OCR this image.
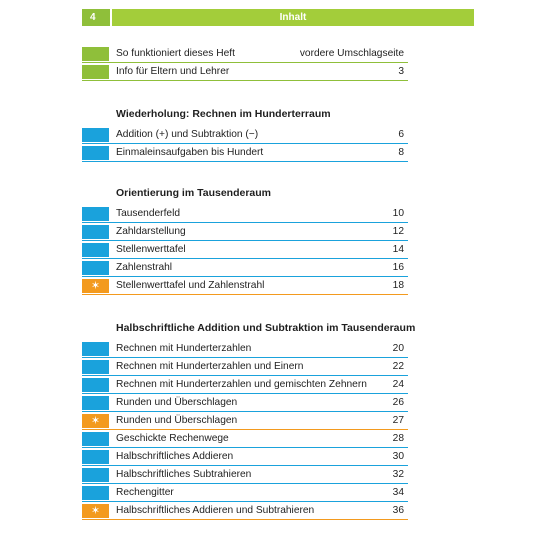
4	Inhalt
So funktioniert dieses Heft	vordere Umschlagseite
Info für Eltern und Lehrer	3
Wiederholung: Rechnen im Hunderterraum
Addition (+) und Subtraktion (−)	6
Einmaleinsaufgaben bis Hundert	8
Orientierung im Tausenderaum
Tausenderfeld	10
Zahldarstellung	12
Stellenwerttafel	14
Zahlenstrahl	16
✶	Stellenwerttafel und Zahlenstrahl	18
Halbschriftliche Addition und Subtraktion im Tausenderaum
Rechnen mit Hunderterzahlen	20
Rechnen mit Hunderterzahlen und Einern	22
Rechnen mit Hunderterzahlen und gemischten Zehnern	24
Runden und Überschlagen	26
✶	Runden und Überschlagen	27
Geschickte Rechenwege	28
Halbschriftliches Addieren	30
Halbschriftliches Subtrahieren	32
Rechengitter	34
✶	Halbschriftliches Addieren und Subtrahieren	36
